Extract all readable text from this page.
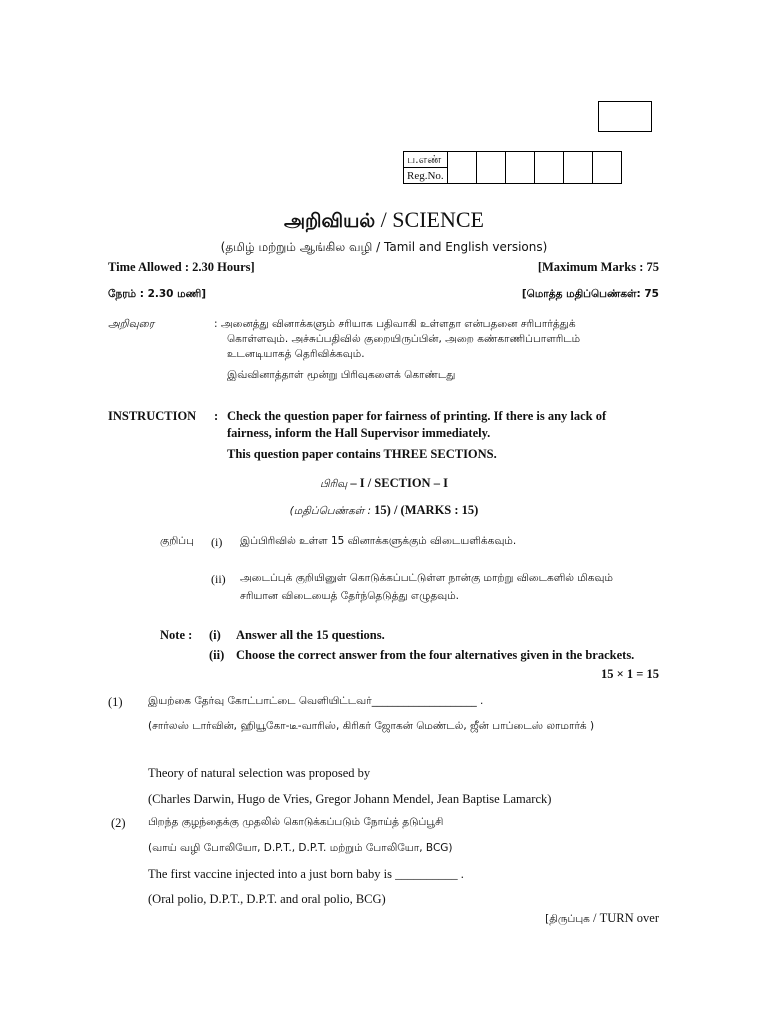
ப.எண்						
Reg.No.
அறிவியல் / SCIENCE
(தமிழ் மற்றும் ஆங்கில வழி / Tamil and English versions)
Time Allowed : 2.30 Hours]	[Maximum Marks : 75
நேரம் : 2.30 மணி]	[மொத்த மதிப்பெண்கள்: 75
அறிவுரை	: அனைத்து வினாக்களும் சரியாக பதிவாகி உள்ளதா என்பதனை சரிபார்த்துக்
கொள்ளவும். அச்சுப்பதிவில் குறையிருப்பின், அறை கண்காணிப்பாளரிடம்
உடனடியாகத் தெரிவிக்கவும்.
இவ்வினாத்தாள் மூன்று பிரிவுகளைக் கொண்டது
INSTRUCTION : Check the question paper for fairness of printing. If there is any lack of
fairness, inform the Hall Supervisor immediately.
This question paper contains THREE SECTIONS.
பிரிவு – I / SECTION – I
(மதிப்பெண்கள் : 15) / (MARKS : 15)
குறிப்பு (i) இப்பிரிவில் உள்ள 15 வினாக்களுக்கும் விடையளிக்கவும்.
(ii) அடைப்புக் குறியினுள் கொடுக்கப்பட்டுள்ள நான்கு மாற்று விடைகளில் மிகவும்
சரியான விடையைத் தேர்ந்தெடுத்து எழுதவும்.
Note : (i) Answer all the 15 questions.
(ii) Choose the correct answer from the four alternatives given in the brackets.
15 × 1 = 15
(1) இயற்கை தேர்வு கோட்பாட்டை வெளியிட்டவர்____________________ .
(சார்லஸ் டார்வின், ஹியூகோ-டீ-வாரிஸ், கிரிகர் ஜோகன் மெண்டல், ஜீன் பாப்டைஸ் லாமார்க் )
Theory of natural selection was proposed by
(Charles Darwin, Hugo de Vries, Gregor Johann Mendel, Jean Baptise Lamarck)
(2) பிறந்த குழந்தைக்கு முதலில் கொடுக்கப்படும் நோய்த் தடுப்பூசி
(வாய் வழி போலியோ, D.P.T., D.P.T. மற்றும் போலியோ, BCG)
The first vaccine injected into a just born baby is __________ .
(Oral polio, D.P.T., D.P.T. and oral polio, BCG)
[திருப்புக / TURN over
